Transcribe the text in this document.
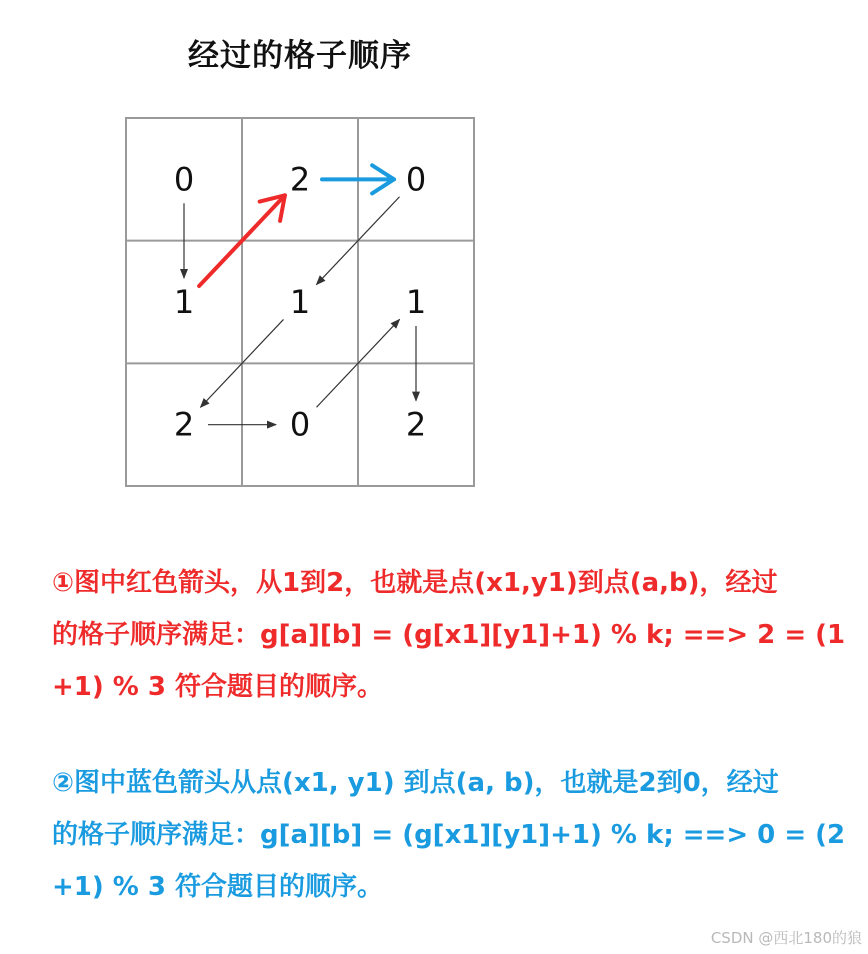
经过的格子顺序
0	2	0
1	1	1
2	0	2
①图中红色箭头，从1到2，也就是点(x1,y1)到点(a,b)，经过
的格子顺序满足：g[a][b] = (g[x1][y1]+1) % k; ==> 2 = (1
+1) % 3 符合题目的顺序。
②图中蓝色箭头从点(x1, y1) 到点(a, b)，也就是2到0，经过
的格子顺序满足：g[a][b] = (g[x1][y1]+1) % k; ==> 0 = (2
+1) % 3 符合题目的顺序。
CSDN @西北180的狼
